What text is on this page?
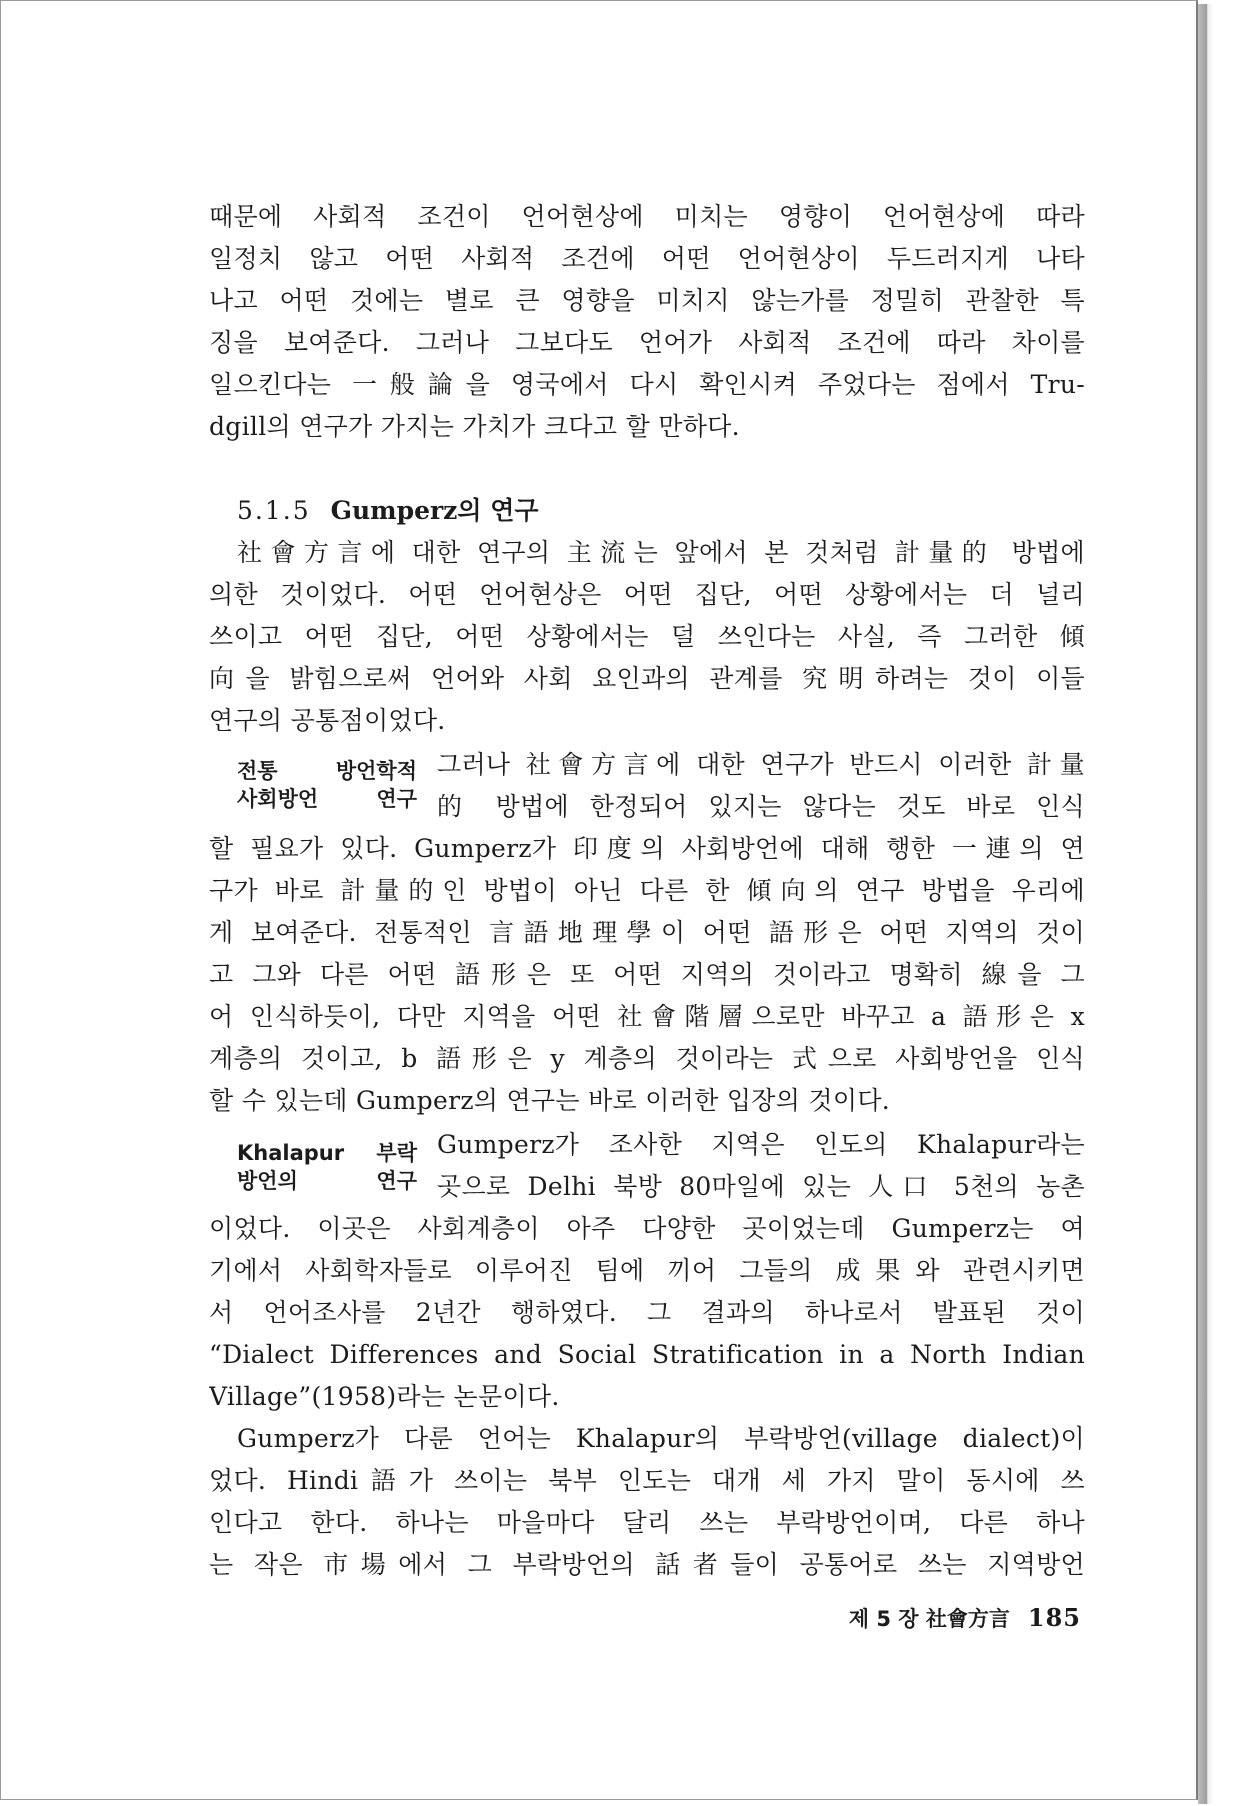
때문에 사회적 조건이 언어현상에 미치는 영향이 언어현상에 따라
일정치 않고 어떤 사회적 조건에 어떤 언어현상이 두드러지게 나타
나고 어떤 것에는 별로 큰 영향을 미치지 않는가를 정밀히 관찰한 특
징을 보여준다. 그러나 그보다도 언어가 사회적 조건에 따라 차이를
일으킨다는 一般論을 영국에서 다시 확인시켜 주었다는 점에서 Tru-
dgill의 연구가 가지는 가치가 크다고 할 만하다.
5.1.5 Gumperz의 연구
社會方言에 대한 연구의 主流는 앞에서 본 것처럼 計量的 방법에
의한 것이었다. 어떤 언어현상은 어떤 집단, 어떤 상황에서는 더 널리
쓰이고 어떤 집단, 어떤 상황에서는 덜 쓰인다는 사실, 즉 그러한 傾
向을 밝힘으로써 언어와 사회 요인과의 관계를 究明하려는 것이 이들
연구의 공통점이었다.
전통 방언학적
사회방언 연구
그러나 社會方言에 대한 연구가 반드시 이러한 計量
的 방법에 한정되어 있지는 않다는 것도 바로 인식
할 필요가 있다. Gumperz가 印度의 사회방언에 대해 행한 一連의 연
구가 바로 計量的인 방법이 아닌 다른 한 傾向의 연구 방법을 우리에
게 보여준다. 전통적인 言語地理學이 어떤 語形은 어떤 지역의 것이
고 그와 다른 어떤 語形은 또 어떤 지역의 것이라고 명확히 線을 그
어 인식하듯이, 다만 지역을 어떤 社會階層으로만 바꾸고 a 語形은 x
계층의 것이고, b 語形은 y 계층의 것이라는 式으로 사회방언을 인식
할 수 있는데 Gumperz의 연구는 바로 이러한 입장의 것이다.
Khalapur 부락
방언의 연구
Gumperz가 조사한 지역은 인도의 Khalapur라는
곳으로 Delhi 북방 80마일에 있는 人口 5천의 농촌
이었다. 이곳은 사회계층이 아주 다양한 곳이었는데 Gumperz는 여
기에서 사회학자들로 이루어진 팀에 끼어 그들의 成果와 관련시키면
서 언어조사를 2년간 행하였다. 그 결과의 하나로서 발표된 것이
“Dialect Differences and Social Stratification in a North Indian
Village”(1958)라는 논문이다.
Gumperz가 다룬 언어는 Khalapur의 부락방언(village dialect)이
었다. Hindi語가 쓰이는 북부 인도는 대개 세 가지 말이 동시에 쓰
인다고 한다. 하나는 마을마다 달리 쓰는 부락방언이며, 다른 하나
는 작은 市場에서 그 부락방언의 話者들이 공통어로 쓰는 지역방언
제 5 장 社會方言 185
